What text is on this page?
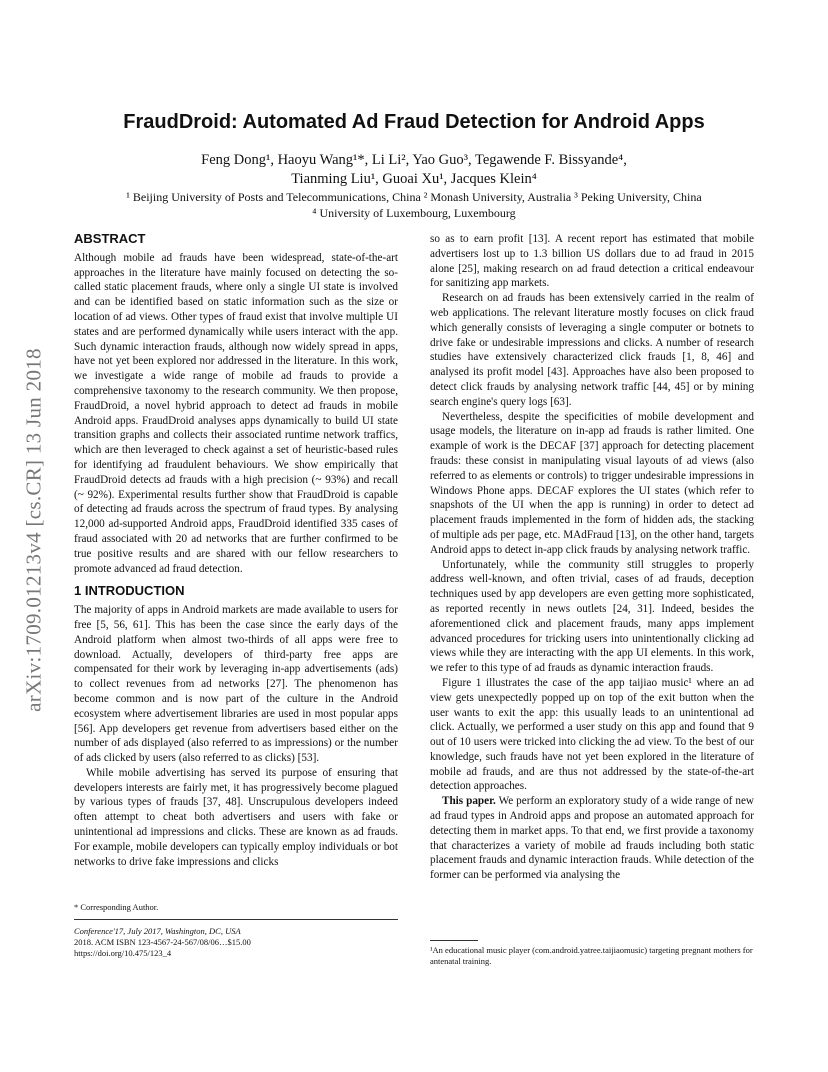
arXiv:1709.01213v4 [cs.CR] 13 Jun 2018
FraudDroid: Automated Ad Fraud Detection for Android Apps
Feng Dong¹, Haoyu Wang¹*, Li Li², Yao Guo³, Tegawende F. Bissyande⁴,
Tianming Liu¹, Guoai Xu¹, Jacques Klein⁴
¹ Beijing University of Posts and Telecommunications, China ² Monash University, Australia ³ Peking University, China
⁴ University of Luxembourg, Luxembourg
ABSTRACT

Although mobile ad frauds have been widespread, state-of-the-art approaches in the literature have mainly focused on detecting the so-called static placement frauds, where only a single UI state is involved and can be identified based on static information such as the size or location of ad views. Other types of fraud exist that involve multiple UI states and are performed dynamically while users interact with the app. Such dynamic interaction frauds, although now widely spread in apps, have not yet been explored nor addressed in the literature. In this work, we investigate a wide range of mobile ad frauds to provide a comprehensive taxonomy to the research community. We then propose, FraudDroid, a novel hybrid approach to detect ad frauds in mobile Android apps. FraudDroid analyses apps dynamically to build UI state transition graphs and collects their associated runtime network traffics, which are then leveraged to check against a set of heuristic-based rules for identifying ad fraudulent behaviours. We show empirically that FraudDroid detects ad frauds with a high precision (~ 93%) and recall (~ 92%). Experimental results further show that FraudDroid is capable of detecting ad frauds across the spectrum of fraud types. By analysing 12,000 ad-supported Android apps, FraudDroid identified 335 cases of fraud associated with 20 ad networks that are further confirmed to be true positive results and are shared with our fellow researchers to promote advanced ad fraud detection.

1 INTRODUCTION

The majority of apps in Android markets are made available to users for free [5, 56, 61]. This has been the case since the early days of the Android platform when almost two-thirds of all apps were free to download. Actually, developers of third-party free apps are compensated for their work by leveraging in-app advertisements (ads) to collect revenues from ad networks [27]. The phenomenon has become common and is now part of the culture in the Android ecosystem where advertisement libraries are used in most popular apps [56]. App developers get revenue from advertisers based either on the number of ads displayed (also referred to as impressions) or the number of ads clicked by users (also referred to as clicks) [53].

While mobile advertising has served its purpose of ensuring that developers interests are fairly met, it has progressively become plagued by various types of frauds [37, 48]. Unscrupulous developers indeed often attempt to cheat both advertisers and users with fake or unintentional ad impressions and clicks. These are known as ad frauds. For example, mobile developers can typically employ individuals or bot networks to drive fake impressions and clicks

* Corresponding Author.
Conference'17, July 2017, Washington, DC, USA
2018. ACM ISBN 123-4567-24-567/08/06…$15.00
https://doi.org/10.475/123_4

so as to earn profit [13]. A recent report has estimated that mobile advertisers lost up to 1.3 billion US dollars due to ad fraud in 2015 alone [25], making research on ad fraud detection a critical endeavour for sanitizing app markets.

Research on ad frauds has been extensively carried in the realm of web applications. The relevant literature mostly focuses on click fraud which generally consists of leveraging a single computer or botnets to drive fake or undesirable impressions and clicks. A number of research studies have extensively characterized click frauds [1, 8, 46] and analysed its profit model [43]. Approaches have also been proposed to detect click frauds by analysing network traffic [44, 45] or by mining search engine's query logs [63].

Nevertheless, despite the specificities of mobile development and usage models, the literature on in-app ad frauds is rather limited. One example of work is the DECAF [37] approach for detecting placement frauds: these consist in manipulating visual layouts of ad views (also referred to as elements or controls) to trigger undesirable impressions in Windows Phone apps. DECAF explores the UI states (which refer to snapshots of the UI when the app is running) in order to detect ad placement frauds implemented in the form of hidden ads, the stacking of multiple ads per page, etc. MAdFraud [13], on the other hand, targets Android apps to detect in-app click frauds by analysing network traffic.

Unfortunately, while the community still struggles to properly address well-known, and often trivial, cases of ad frauds, deception techniques used by app developers are even getting more sophisticated, as reported recently in news outlets [24, 31]. Indeed, besides the aforementioned click and placement frauds, many apps implement advanced procedures for tricking users into unintentionally clicking ad views while they are interacting with the app UI elements. In this work, we refer to this type of ad frauds as dynamic interaction frauds.

Figure 1 illustrates the case of the app taijiao music¹ where an ad view gets unexpectedly popped up on top of the exit button when the user wants to exit the app: this usually leads to an unintentional ad click. Actually, we performed a user study on this app and found that 9 out of 10 users were tricked into clicking the ad view. To the best of our knowledge, such frauds have not yet been explored in the literature of mobile ad frauds, and are thus not addressed by the state-of-the-art detection approaches.

This paper. We perform an exploratory study of a wide range of new ad fraud types in Android apps and propose an automated approach for detecting them in market apps. To that end, we first provide a taxonomy that characterizes a variety of mobile ad frauds including both static placement frauds and dynamic interaction frauds. While detection of the former can be performed via analysing the

¹An educational music player (com.android.yatree.taijiaomusic) targeting pregnant mothers for antenatal training.
